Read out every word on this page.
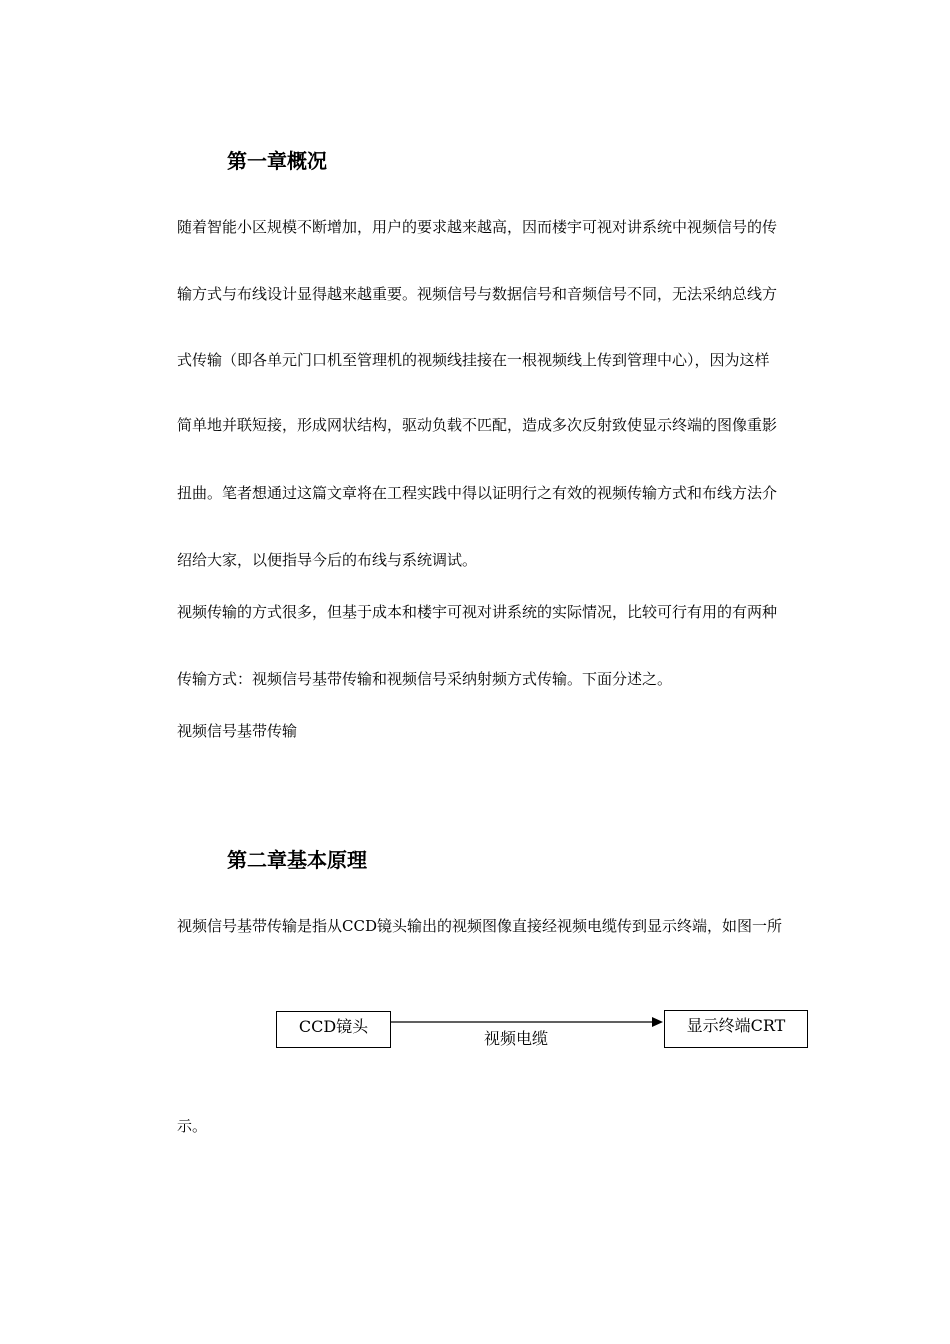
第一章概况
随着智能小区规模不断增加，用户的要求越来越高，因而楼宇可视对讲系统中视频信号的传
输方式与布线设计显得越来越重要。视频信号与数据信号和音频信号不同，无法采纳总线方
式传输（即各单元门口机至管理机的视频线挂接在一根视频线上传到管理中心），因为这样
简单地并联短接，形成网状结构，驱动负载不匹配，造成多次反射致使显示终端的图像重影
扭曲。笔者想通过这篇文章将在工程实践中得以证明行之有效的视频传输方式和布线方法介
绍给大家，以便指导今后的布线与系统调试。
视频传输的方式很多，但基于成本和楼宇可视对讲系统的实际情况，比较可行有用的有两种
传输方式：视频信号基带传输和视频信号采纳射频方式传输。下面分述之。
视频信号基带传输
第二章基本原理
视频信号基带传输是指从CCD镜头输出的视频图像直接经视频电缆传到显示终端，如图一所
CCD镜头
视频电缆
显示终端CRT
示。
